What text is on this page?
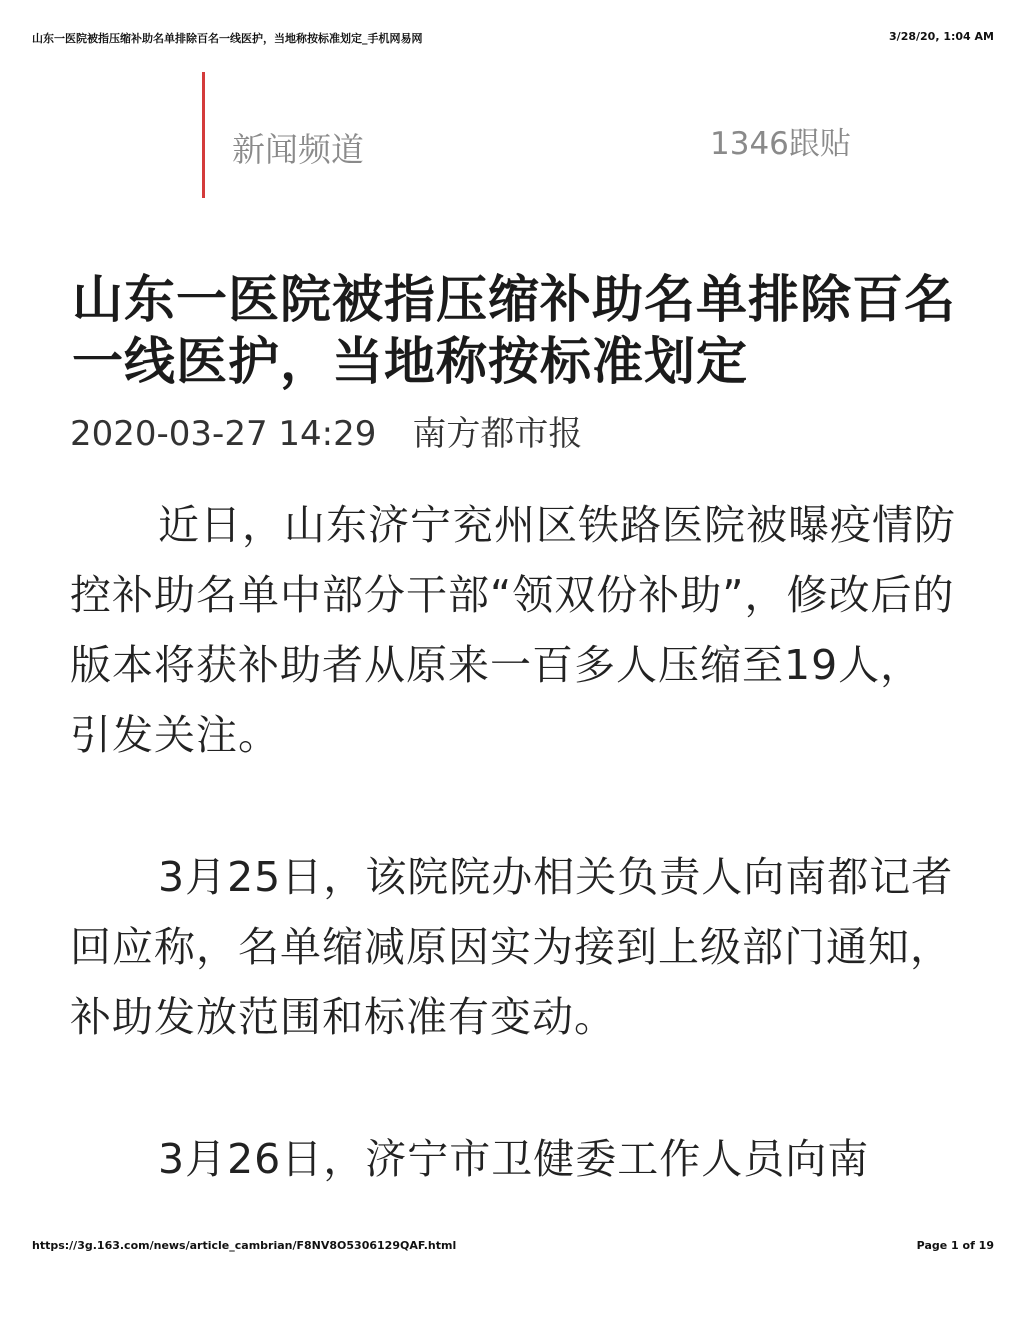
山东一医院被指压缩补助名单排除百名一线医护，当地称按标准划定_手机网易网	3/28/20, 1:04 AM
新闻频道	1346跟贴
山东一医院被指压缩补助名单排除百名一线医护，当地称按标准划定
2020-03-27 14:29 南方都市报

近日，山东济宁兖州区铁路医院被曝疫情防控补助名单中部分干部“领双份补助”，修改后的版本将获补助者从原来一百多人压缩至19人，引发关注。

3月25日，该院院办相关负责人向南都记者回应称，名单缩减原因实为接到上级部门通知，补助发放范围和标准有变动。

3月26日，济宁市卫健委工作人员向南

https://3g.163.com/news/article_cambrian/F8NV8O5306129QAF.html	Page 1 of 19
